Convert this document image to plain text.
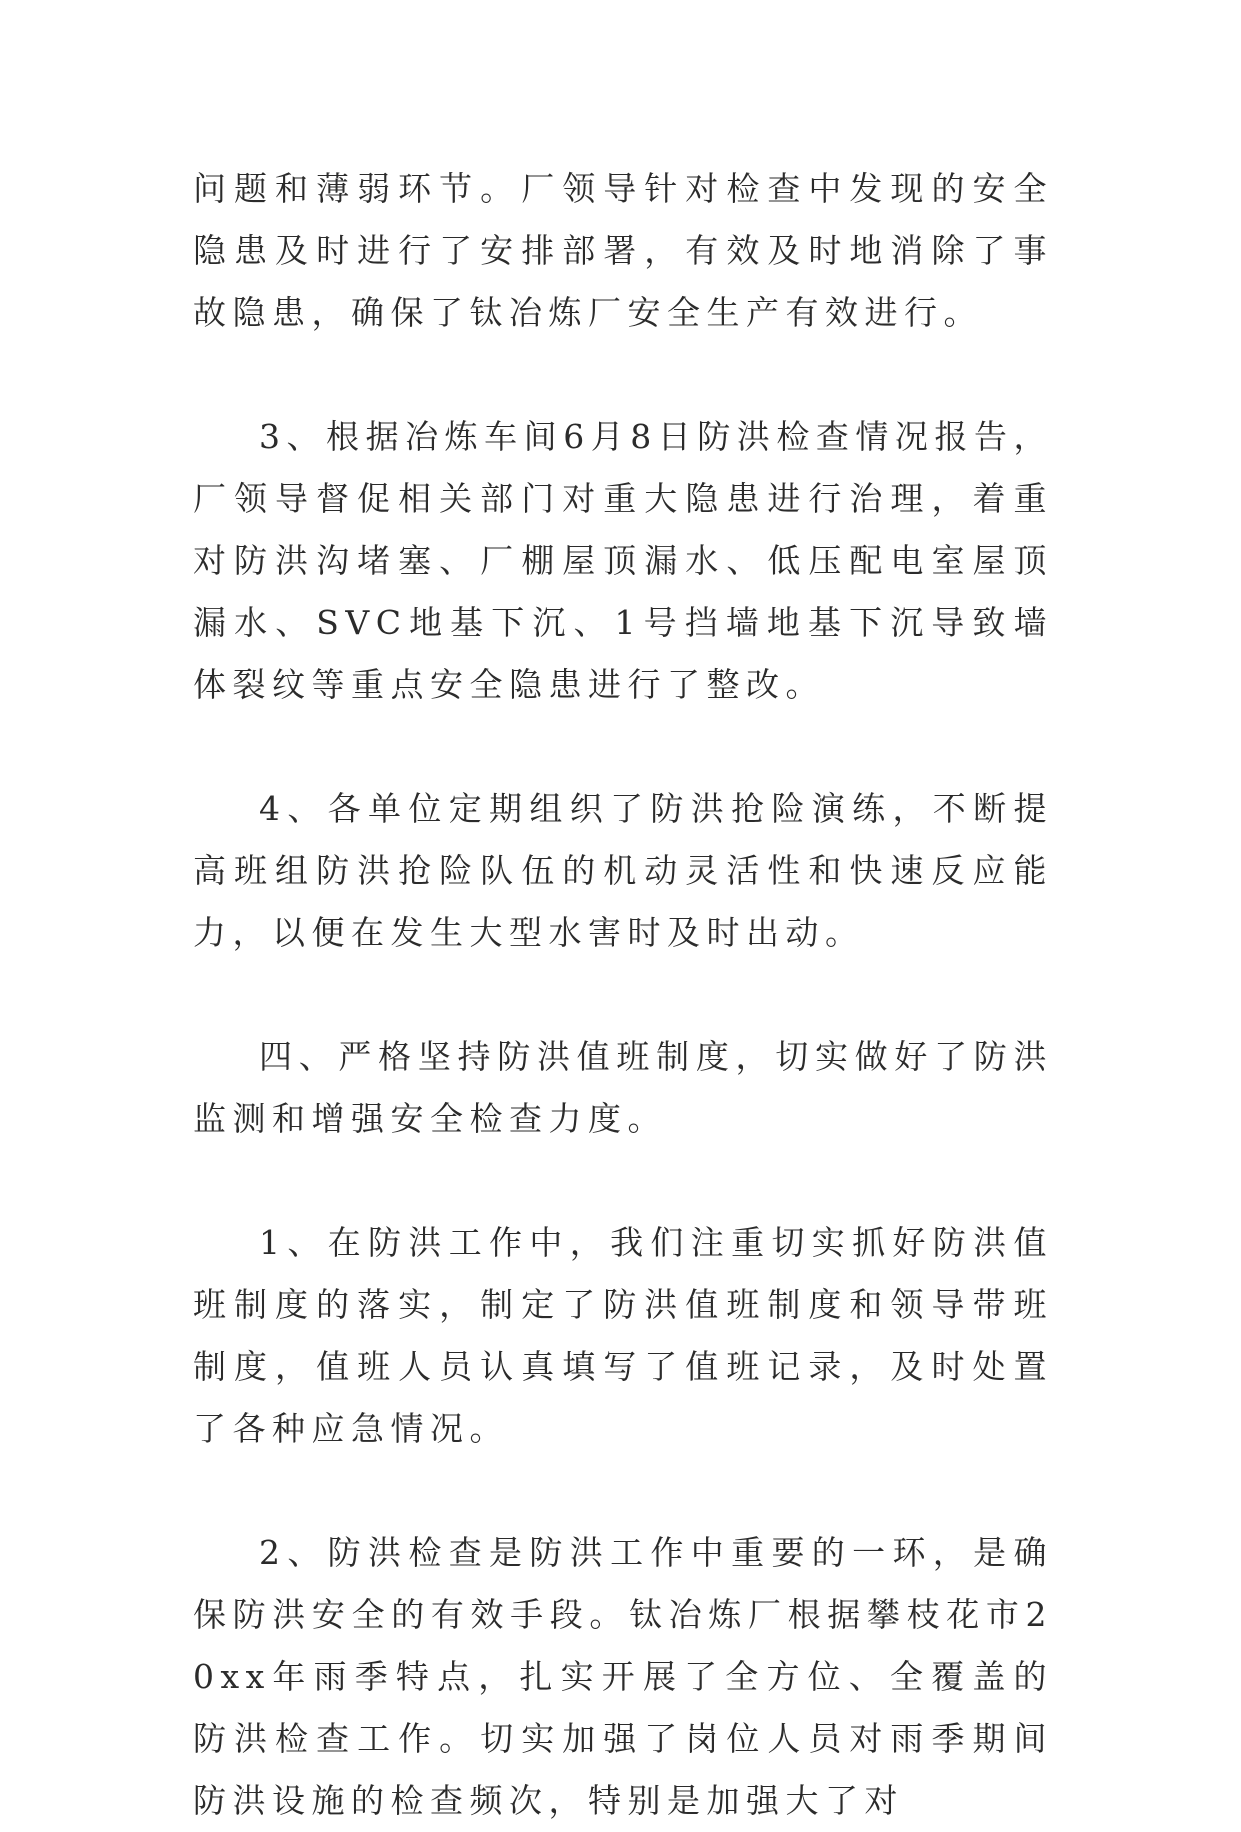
问题和薄弱环节。厂领导针对检查中发现的安全隐患及时进行了安排部署，有效及时地消除了事故隐患，确保了钛冶炼厂安全生产有效进行。

3、根据冶炼车间6月8日防洪检查情况报告，厂领导督促相关部门对重大隐患进行治理，着重对防洪沟堵塞、厂棚屋顶漏水、低压配电室屋顶漏水、SVC地基下沉、1号挡墙地基下沉导致墙体裂纹等重点安全隐患进行了整改。

4、各单位定期组织了防洪抢险演练，不断提高班组防洪抢险队伍的机动灵活性和快速反应能力，以便在发生大型水害时及时出动。

四、严格坚持防洪值班制度，切实做好了防洪监测和增强安全检查力度。

1、在防洪工作中，我们注重切实抓好防洪值班制度的落实，制定了防洪值班制度和领导带班制度，值班人员认真填写了值班记录，及时处置了各种应急情况。

2、防洪检查是防洪工作中重要的一环，是确保防洪安全的有效手段。钛冶炼厂根据攀枝花市20xx年雨季特点，扎实开展了全方位、全覆盖的防洪检查工作。切实加强了岗位人员对雨季期间防洪设施的检查频次，特别是加强大了对
